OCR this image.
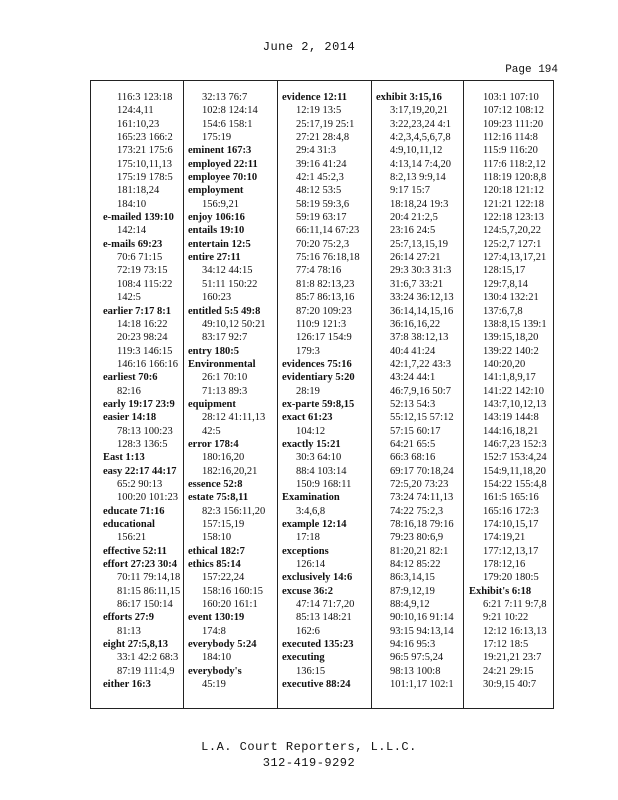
June 2, 2014
Page 194
116:3 123:18
124:4,11
161:10,23
165:23 166:2
173:21 175:6
175:10,11,13
175:19 178:5
181:18,24
184:10
e-mailed 139:10
142:14
e-mails 69:23
70:6 71:15
72:19 73:15
108:4 115:22
142:5
earlier 7:17 8:1
14:18 16:22
20:23 98:24
119:3 146:15
146:16 166:16
earliest 70:6
82:16
early 19:17 23:9
easier 14:18
78:13 100:23
128:3 136:5
East 1:13
easy 22:17 44:17
65:2 90:13
100:20 101:23
educate 71:16
educational
156:21
effective 52:11
effort 27:23 30:4
70:11 79:14,18
81:15 86:11,15
86:17 150:14
efforts 27:9
81:13
eight 27:5,8,13
33:1 42:2 68:3
87:19 111:4,9
either 16:3
32:13 76:7
102:8 124:14
154:6 158:1
175:19
eminent 167:3
employed 22:11
employee 70:10
employment
156:9,21
enjoy 106:16
entails 19:10
entertain 12:5
entire 27:11
34:12 44:15
51:11 150:22
160:23
entitled 5:5 49:8
49:10,12 50:21
83:17 92:7
entry 180:5
Environmental
26:1 70:10
71:13 89:3
equipment
28:12 41:11,13
42:5
error 178:4
180:16,20
182:16,20,21
essence 52:8
estate 75:8,11
82:3 156:11,20
157:15,19
158:10
ethical 182:7
ethics 85:14
157:22,24
158:16 160:15
160:20 161:1
event 130:19
174:8
everybody 5:24
184:10
everybody's
45:19
evidence 12:11
12:19 13:5
25:17,19 25:1
27:21 28:4,8
29:4 31:3
39:16 41:24
42:1 45:2,3
48:12 53:5
58:19 59:3,6
59:19 63:17
66:11,14 67:23
70:20 75:2,3
75:16 76:18,18
77:4 78:16
81:8 82:13,23
85:7 86:13,16
87:20 109:23
110:9 121:3
126:17 154:9
179:3
evidences 75:16
evidentiary 5:20
28:19
ex-parte 59:8,15
exact 61:23
104:12
exactly 15:21
30:3 64:10
88:4 103:14
150:9 168:11
Examination
3:4,6,8
example 12:14
17:18
exceptions
126:14
exclusively 14:6
excuse 36:2
47:14 71:7,20
85:13 148:21
162:6
executed 135:23
executing
136:15
executive 88:24
exhibit 3:15,16
3:17,19,20,21
3:22,23,24 4:1
4:2,3,4,5,6,7,8
4:9,10,11,12
4:13,14 7:4,20
8:2,13 9:9,14
9:17 15:7
18:18,24 19:3
20:4 21:2,5
23:16 24:5
25:7,13,15,19
26:14 27:21
29:3 30:3 31:3
31:6,7 33:21
33:24 36:12,13
36:14,14,15,16
36:16,16,22
37:8 38:12,13
40:4 41:24
42:1,7,22 43:3
43:24 44:1
46:7,9,16 50:7
52:13 54:3
55:12,15 57:12
57:15 60:17
64:21 65:5
66:3 68:16
69:17 70:18,24
72:5,20 73:23
73:24 74:11,13
74:22 75:2,3
78:16,18 79:16
79:23 80:6,9
81:20,21 82:1
84:12 85:22
86:3,14,15
87:9,12,19
88:4,9,12
90:10,16 91:14
93:15 94:13,14
94:16 95:3
96:5 97:5,24
98:13 100:8
101:1,17 102:1
103:1 107:10
107:12 108:12
109:23 111:20
112:16 114:8
115:9 116:20
117:6 118:2,12
118:19 120:8,8
120:18 121:12
121:21 122:18
122:18 123:13
124:5,7,20,22
125:2,7 127:1
127:4,13,17,21
128:15,17
129:7,8,14
130:4 132:21
137:6,7,8
138:8,15 139:1
139:15,18,20
139:22 140:2
140:20,20
141:1,8,9,17
141:22 142:10
143:7,10,12,13
143:19 144:8
144:16,18,21
146:7,23 152:3
152:7 153:4,24
154:9,11,18,20
154:22 155:4,8
161:5 165:16
165:16 172:3
174:10,15,17
174:19,21
177:12,13,17
178:12,16
179:20 180:5
Exhibit's 6:18
6:21 7:11 9:7,8
9:21 10:22
12:12 16:13,13
17:12 18:5
19:21,21 23:7
24:21 29:15
30:9,15 40:7
L.A. Court Reporters, L.L.C.
312-419-9292
